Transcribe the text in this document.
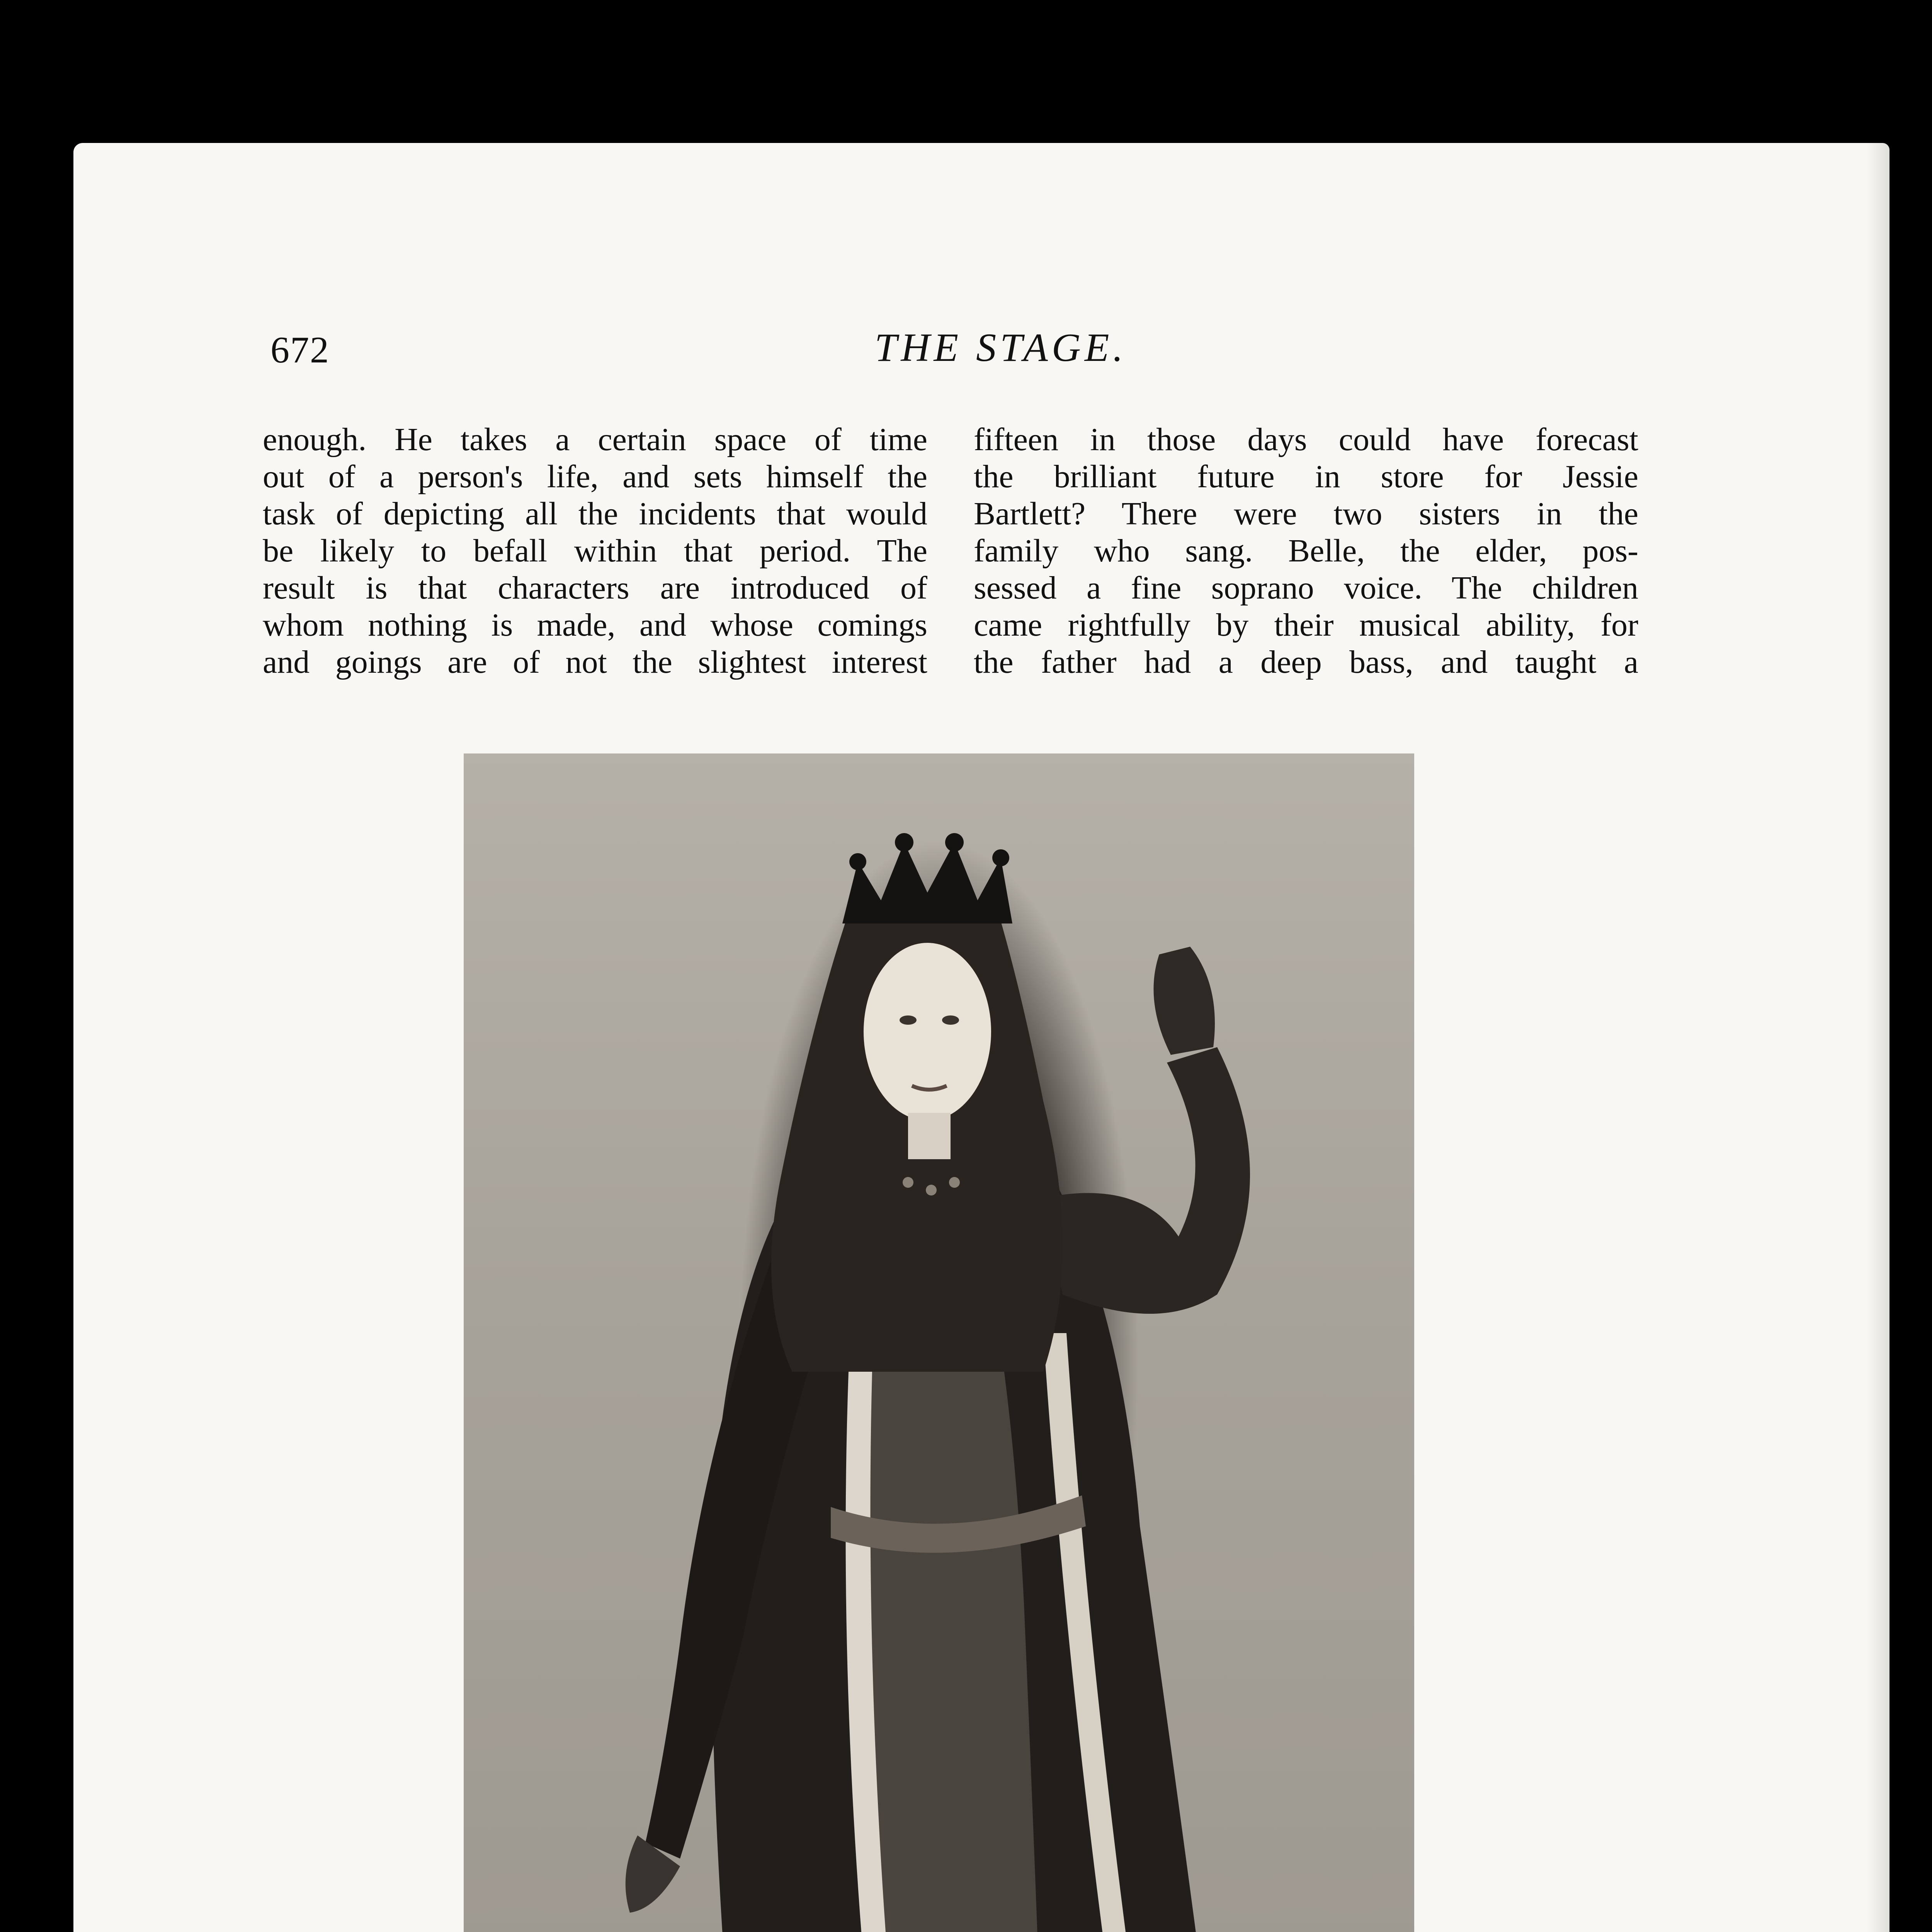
672	THE STAGE.

enough. He takes a certain space of time

out of a person's life, and sets himself the

task of depicting all the incidents that would

be likely to befall within that period. The

result is that characters are introduced of

whom nothing is made, and whose comings

and goings are of not the slightest interest

fifteen in those days could have forecast

the brilliant future in store for Jessie

Bartlett? There were two sisters in the

family who sang. Belle, the elder, pos-

sessed a fine soprano voice. The children

came rightfully by their musical ability, for

the father had a deep bass, and taught a
